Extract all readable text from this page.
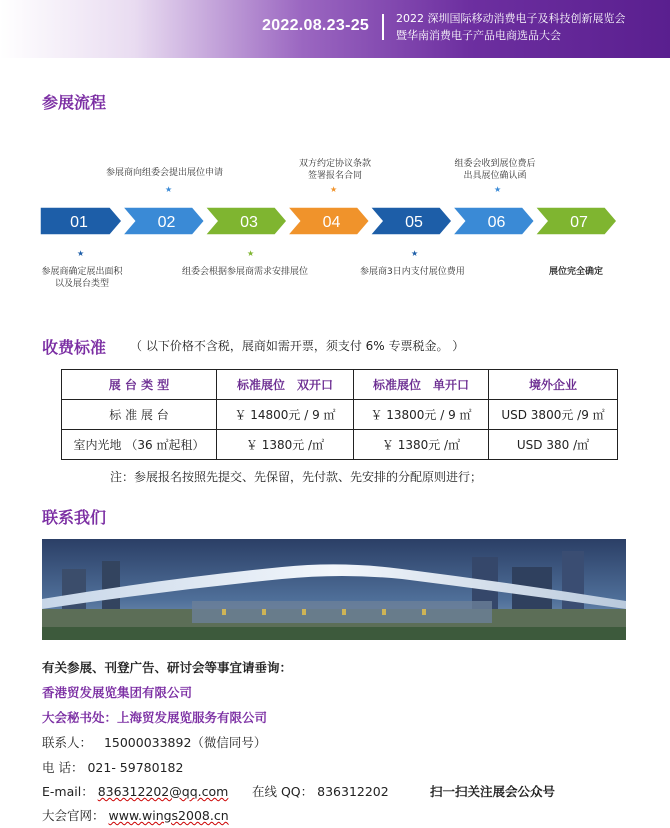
2022.08.23-25 2022 深圳国际移动消费电子及科技创新展览会
暨华南消费电子产品电商选品大会
参展流程
参展商向组委会提出展位申请
双方约定协议条款
签署报名合同
组委会收到展位费后
出具展位确认函
★	★	★
01	02	03	04	05	06	07
★	★	★
参展商确定展出面积
以及展台类型
组委会根据参展商需求安排展位	参展商3日内支付展位费用	展位完全确定
收费标准 （ 以下价格不含税，展商如需开票，须支付 6% 专票税金。 ）
展 台 类 型	标准展位　双开口	标准展位　单开口	境外企业
标 准 展 台	￥ 14800元 / 9 ㎡	￥ 13800元 / 9 ㎡	USD 3800元 /9 ㎡
室内光地 （36 ㎡起租）	￥ 1380元 /㎡	￥ 1380元 /㎡	USD 380 /㎡
注：参展报名按照先提交、先保留，先付款、先安排的分配原则进行；
联系我们
有关参展、刊登广告、研讨会等事宜请垂询：
香港贸发展览集团有限公司
大会秘书处：上海贸发展览服务有限公司
联系人： 15000033892（微信同号）
电 话： 021- 59780182
E-mail： 836312202@qq.com 在线 QQ： 836312202	扫一扫关注展会公众号
大会官网： www.wings2008.cn
